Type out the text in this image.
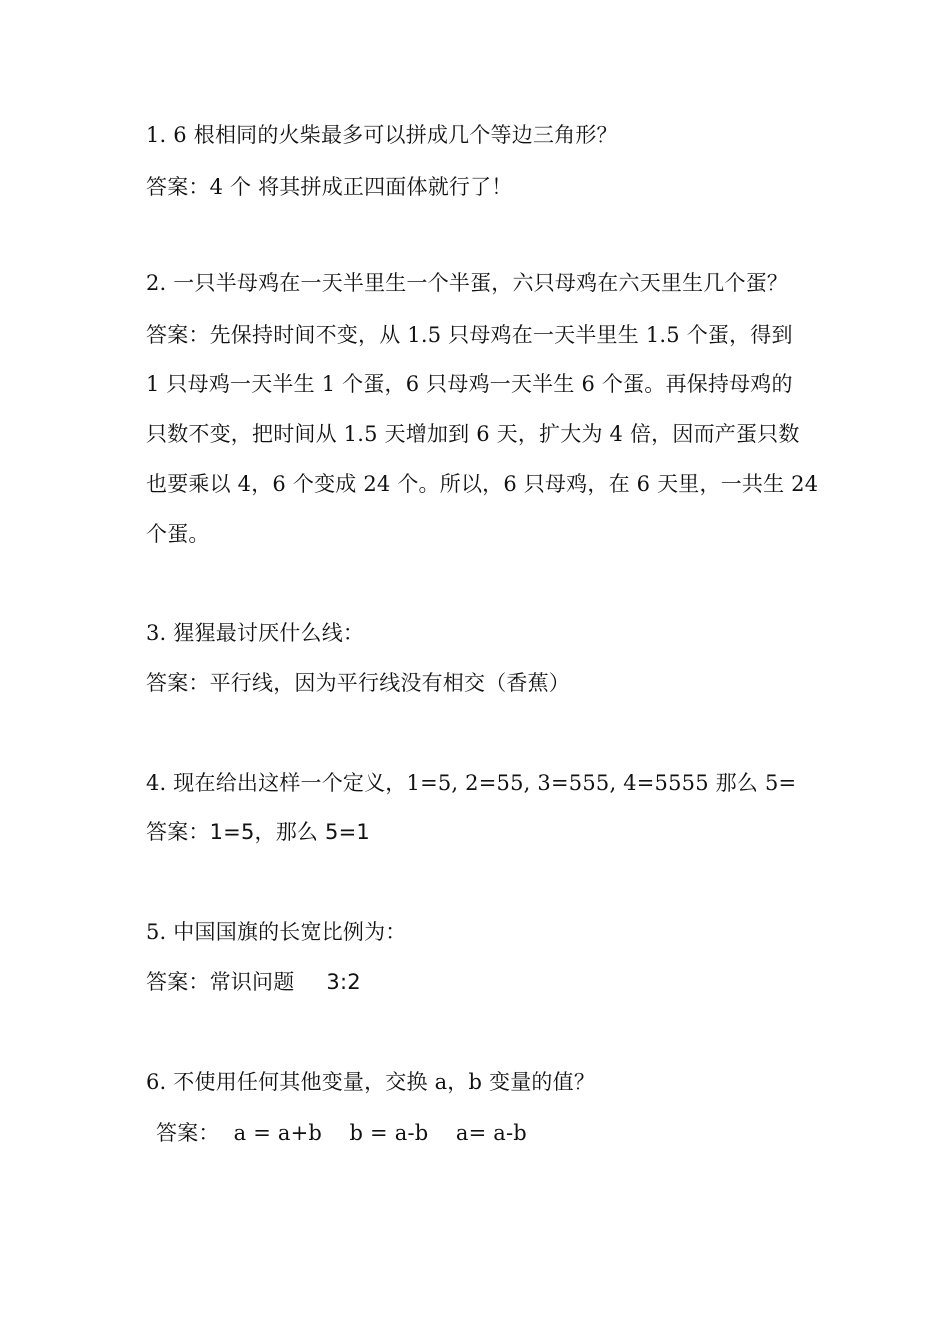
1. 6 根相同的火柴最多可以拼成几个等边三角形？
答案：4 个 将其拼成正四面体就行了！
2. 一只半母鸡在一天半里生一个半蛋，六只母鸡在六天里生几个蛋？
答案：先保持时间不变，从 1.5 只母鸡在一天半里生 1.5 个蛋，得到
1 只母鸡一天半生 1 个蛋，6 只母鸡一天半生 6 个蛋。再保持母鸡的
只数不变，把时间从 1.5 天增加到 6 天，扩大为 4 倍，因而产蛋只数
也要乘以 4，6 个变成 24 个。所以，6 只母鸡，在 6 天里，一共生 24
个蛋。
3. 猩猩最讨厌什么线：
答案：平行线，因为平行线没有相交（香蕉）
4. 现在给出这样一个定义，1=5, 2=55, 3=555, 4=5555 那么 5=
答案：1=5，那么 5=1
5. 中国国旗的长宽比例为：
答案：常识问题 3:2
6. 不使用任何其他变量，交换 a，b 变量的值？
答案： a = a+b    b = a-b    a= a-b
